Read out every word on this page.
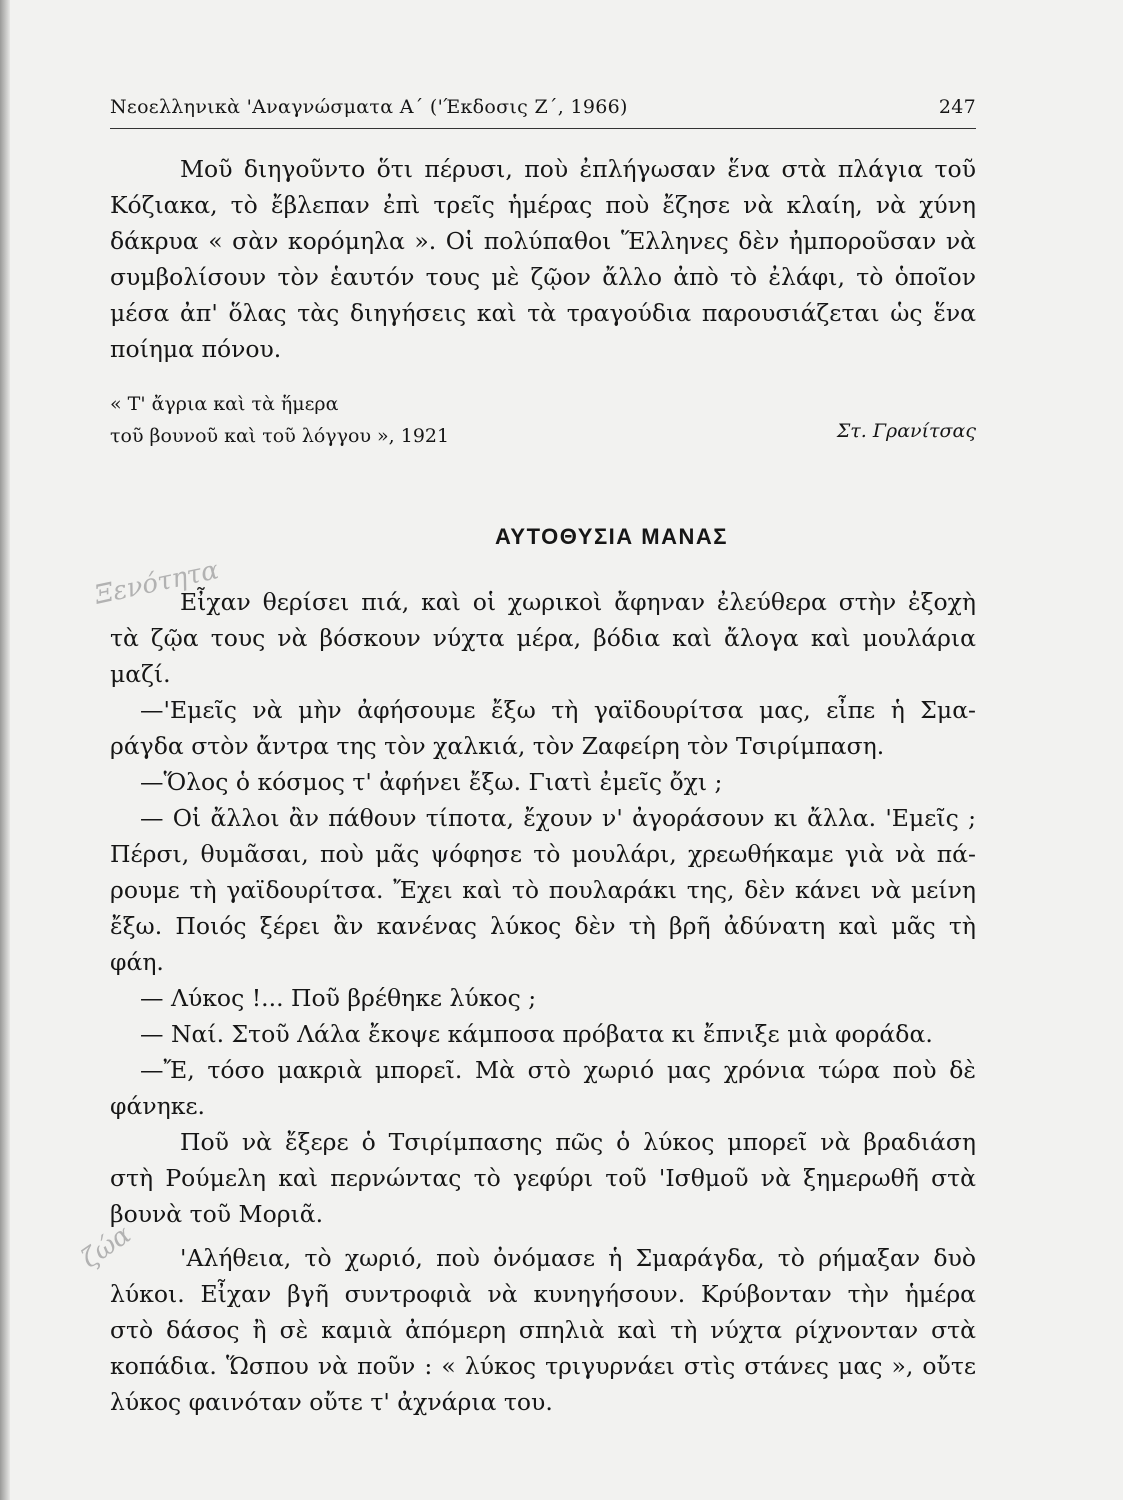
Νεοελληνικὰ 'Αναγνώσματα Α΄ ('Έκδοσις Ζ΄, 1966)	247
Μοῦ διηγοῦντο ὅτι πέρυσι, ποὺ ἐπλήγωσαν ἕνα στὰ πλάγια τοῦ
Κόζιακα, τὸ ἔβλεπαν ἐπὶ τρεῖς ἡμέρας ποὺ ἔζησε νὰ κλαίη, νὰ χύνη
δάκρυα « σὰν κορόμηλα ». Οἱ πολύπαθοι Ἕλληνες δὲν ἠμποροῦσαν νὰ
συμβολίσουν τὸν ἑαυτόν τους μὲ ζῷον ἄλλο ἀπὸ τὸ ἐλάφι, τὸ ὁποῖον
μέσα ἀπ' ὅλας τὰς διηγήσεις καὶ τὰ τραγούδια παρουσιάζεται ὡς ἕνα
ποίημα πόνου.
« Τ' ἄγρια καὶ τὰ ἥμερα
τοῦ βουνοῦ καὶ τοῦ λόγγου », 1921	Στ. Γρανίτσας
ΑΥΤΟΘΥΣΙΑ ΜΑΝΑΣ
Ξενότητα
ζώα
Εἶχαν θερίσει πιά, καὶ οἱ χωρικοὶ ἄφηναν ἐλεύθερα στὴν ἐξοχὴ
τὰ ζῷα τους νὰ βόσκουν νύχτα μέρα, βόδια καὶ ἄλογα καὶ μουλάρια
μαζί.
—'Εμεῖς νὰ μὴν ἀφήσουμε ἔξω τὴ γαϊδουρίτσα μας, εἶπε ἡ Σμα-
ράγδα στὸν ἄντρα της τὸν χαλκιά, τὸν Ζαφείρη τὸν Τσιρίμπαση.
—Ὅλος ὁ κόσμος τ' ἀφήνει ἔξω. Γιατὶ ἐμεῖς ὄχι ;
— Οἱ ἄλλοι ἂν πάθουν τίποτα, ἔχουν ν' ἀγοράσουν κι ἄλλα. 'Εμεῖς ;
Πέρσι, θυμᾶσαι, ποὺ μᾶς ψόφησε τὸ μουλάρι, χρεωθήκαμε γιὰ νὰ πά-
ρουμε τὴ γαϊδουρίτσα. Ἔχει καὶ τὸ πουλαράκι της, δὲν κάνει νὰ μείνη
ἔξω. Ποιός ξέρει ἂν κανένας λύκος δὲν τὴ βρῆ ἀδύνατη καὶ μᾶς τὴ
φάη.
— Λύκος !... Ποῦ βρέθηκε λύκος ;
— Ναί. Στοῦ Λάλα ἔκοψε κάμποσα πρόβατα κι ἔπνιξε μιὰ φοράδα.
—Ἔ, τόσο μακριὰ μπορεῖ. Μὰ στὸ χωριό μας χρόνια τώρα ποὺ δὲ
φάνηκε.
Ποῦ νὰ ἔξερε ὁ Τσιρίμπασης πῶς ὁ λύκος μπορεῖ νὰ βραδιάση
στὴ Ρούμελη καὶ περνώντας τὸ γεφύρι τοῦ 'Ισθμοῦ νὰ ξημερωθῆ στὰ
βουνὰ τοῦ Μοριᾶ.
'Αλήθεια, τὸ χωριό, ποὺ ὀνόμασε ἡ Σμαράγδα, τὸ ρήμαξαν δυὸ
λύκοι. Εἶχαν βγῆ συντροφιὰ νὰ κυνηγήσουν. Κρύβονταν τὴν ἡμέρα
στὸ δάσος ἢ σὲ καμιὰ ἀπόμερη σπηλιὰ καὶ τὴ νύχτα ρίχνονταν στὰ
κοπάδια. Ὥσπου νὰ ποῦν : « λύκος τριγυρνάει στὶς στάνες μας », οὔτε
λύκος φαινόταν οὔτε τ' ἀχνάρια του.
